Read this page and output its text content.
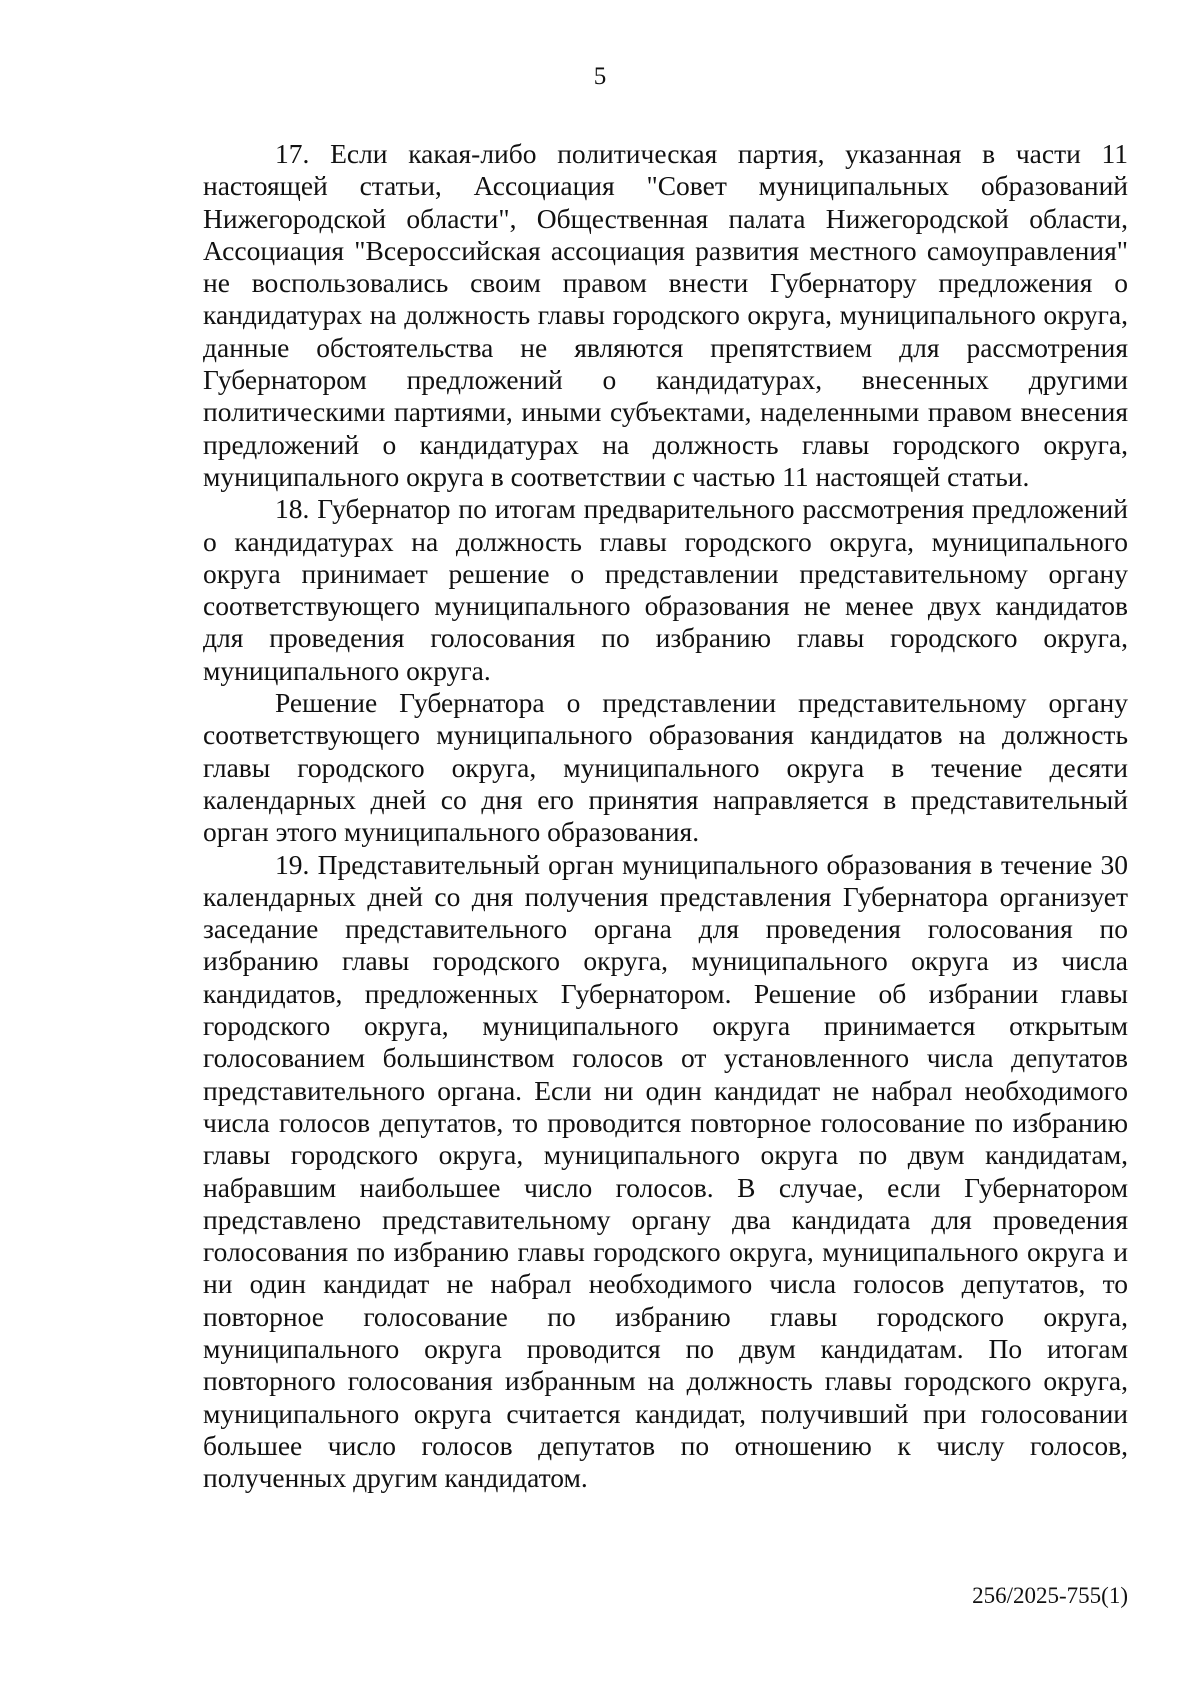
5

17. Если какая-либо политическая партия, указанная в части 11 настоящей статьи, Ассоциация "Совет муниципальных образований Нижегородской области", Общественная палата Нижегородской области, Ассоциация "Всероссийская ассоциация развития местного самоуправления" не воспользовались своим правом внести Губернатору предложения о кандидатурах на должность главы городского округа, муниципального округа, данные обстоятельства не являются препятствием для рассмотрения Губернатором предложений о кандидатурах, внесенных другими политическими партиями, иными субъектами, наделенными правом внесения предложений о кандидатурах на должность главы городского округа, муниципального округа в соответствии с частью 11 настоящей статьи.

18. Губернатор по итогам предварительного рассмотрения предложений о кандидатурах на должность главы городского округа, муниципального округа принимает решение о представлении представительному органу соответствующего муниципального образования не менее двух кандидатов для проведения голосования по избранию главы городского округа, муниципального округа.

Решение Губернатора о представлении представительному органу соответствующего муниципального образования кандидатов на должность главы городского округа, муниципального округа в течение десяти календарных дней со дня его принятия направляется в представительный орган этого муниципального образования.

19. Представительный орган муниципального образования в течение 30 календарных дней со дня получения представления Губернатора организует заседание представительного органа для проведения голосования по избранию главы городского округа, муниципального округа из числа кандидатов, предложенных Губернатором. Решение об избрании главы городского округа, муниципального округа принимается открытым голосованием большинством голосов от установленного числа депутатов представительного органа. Если ни один кандидат не набрал необходимого числа голосов депутатов, то проводится повторное голосование по избранию главы городского округа, муниципального округа по двум кандидатам, набравшим наибольшее число голосов. В случае, если Губернатором представлено представительному органу два кандидата для проведения голосования по избранию главы городского округа, муниципального округа и ни один кандидат не набрал необходимого числа голосов депутатов, то повторное голосование по избранию главы городского округа, муниципального округа проводится по двум кандидатам. По итогам повторного голосования избранным на должность главы городского округа, муниципального округа считается кандидат, получивший при голосовании большее число голосов депутатов по отношению к числу голосов, полученных другим кандидатом.

256/2025-755(1)
